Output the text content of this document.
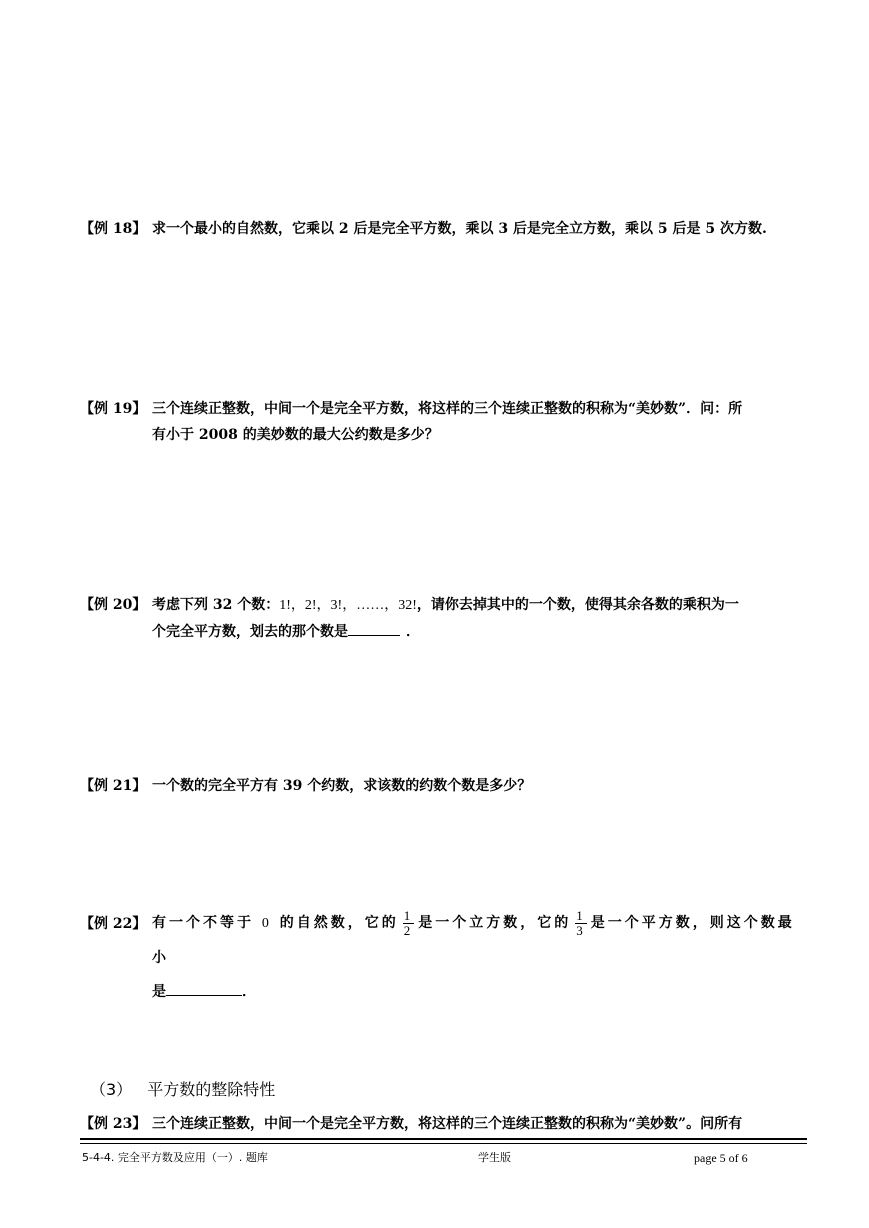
【例 18】 求一个最小的自然数，它乘以 2 后是完全平方数，乘以 3 后是完全立方数，乘以 5 后是 5 次方数.
【例 19】 三个连续正整数，中间一个是完全平方数，将这样的三个连续正整数的积称为“美妙数”．问：所
有小于 2008 的美妙数的最大公约数是多少？
【例 20】 考虑下列 32 个数：1!，2!，3!，……，32!，请你去掉其中的一个数，使得其余各数的乘积为一
个完全平方数，划去的那个数是	．
【例 21】 一个数的完全平方有 39 个约数，求该数的约数个数是多少？
【例 22】 有一个不等于 0 的自然数，它的 $\frac{1}{2}$ 是一个立方数，它的 $\frac{1}{3}$ 是一个平方数，则这个数最小
是	．
（3） 平方数的整除特性
【例 23】 三个连续正整数，中间一个是完全平方数，将这样的三个连续正整数的积称为“美妙数”。问所有
5-4-4. 完全平方数及应用（一）. 题库	学生版	page 5 of 6
